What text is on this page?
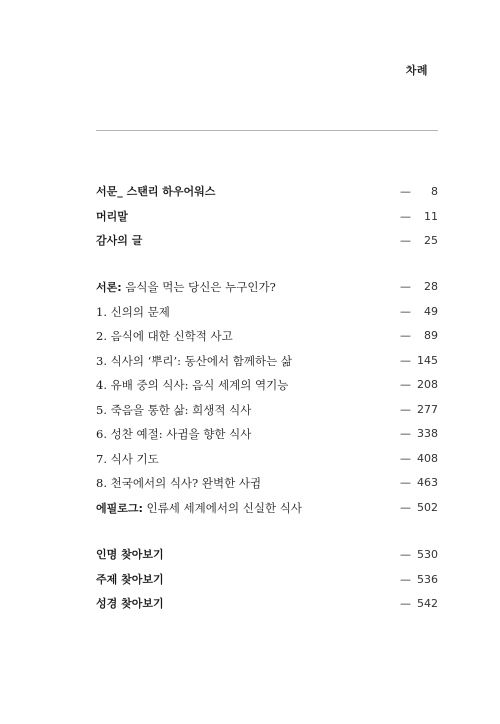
차례
서문_ 스탠리 하우어워스	— 8
머리말	— 11
감사의 글	— 25
서론: 음식을 먹는 당신은 누구인가?	— 28
1. 신의의 문제	— 49
2. 음식에 대한 신학적 사고	— 89
3. 식사의 ‘뿌리’: 동산에서 함께하는 삶	— 145
4. 유배 중의 식사: 음식 세계의 역기능	— 208
5. 죽음을 통한 삶: 희생적 식사	— 277
6. 성찬 예절: 사귐을 향한 식사	— 338
7. 식사 기도	— 408
8. 천국에서의 식사? 완벽한 사귐	— 463
에필로그: 인류세 세계에서의 신실한 식사	— 502
인명 찾아보기	— 530
주제 찾아보기	— 536
성경 찾아보기	— 542
